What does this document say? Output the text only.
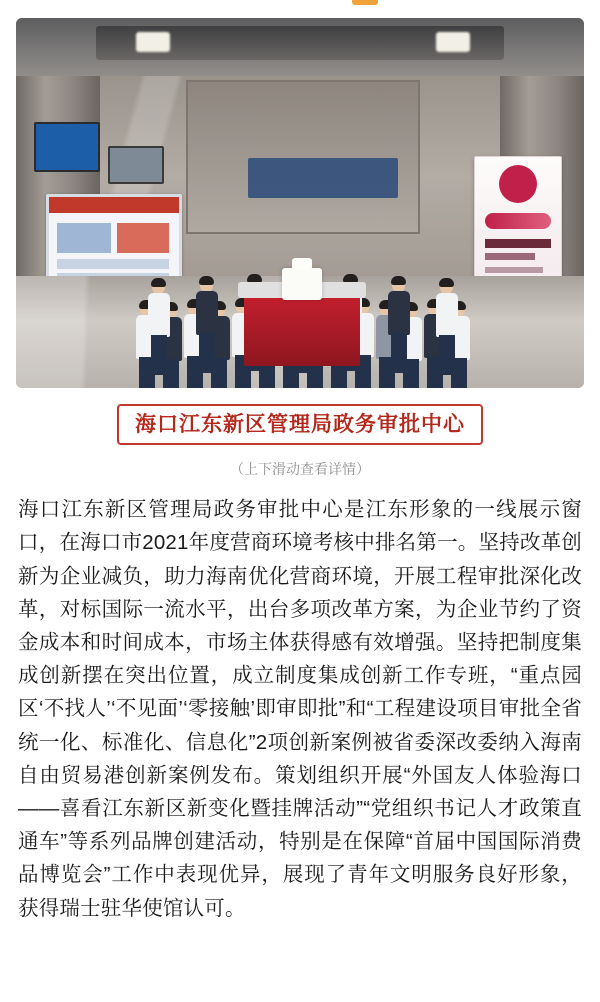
海口江东新区管理局政务审批中心
（上下滑动查看详情）
海口江东新区管理局政务审批中心是江东形象的一线展示窗口，在海口市2021年度营商环境考核中排名第一。坚持改革创新为企业减负，助力海南优化营商环境，开展工程审批深化改革，对标国际一流水平，出台多项改革方案，为企业节约了资金成本和时间成本，市场主体获得感有效增强。坚持把制度集成创新摆在突出位置，成立制度集成创新工作专班，“重点园区‘不找人’‘不见面’‘零接触’即审即批”和“工程建设项目审批全省统一化、标准化、信息化”2项创新案例被省委深改委纳入海南自由贸易港创新案例发布。策划组织开展“外国友人体验海口——喜看江东新区新变化暨挂牌活动”“党组织书记人才政策直通车”等系列品牌创建活动，特别是在保障“首届中国国际消费品博览会”工作中表现优异，展现了青年文明服务良好形象，获得瑞士驻华使馆认可。
